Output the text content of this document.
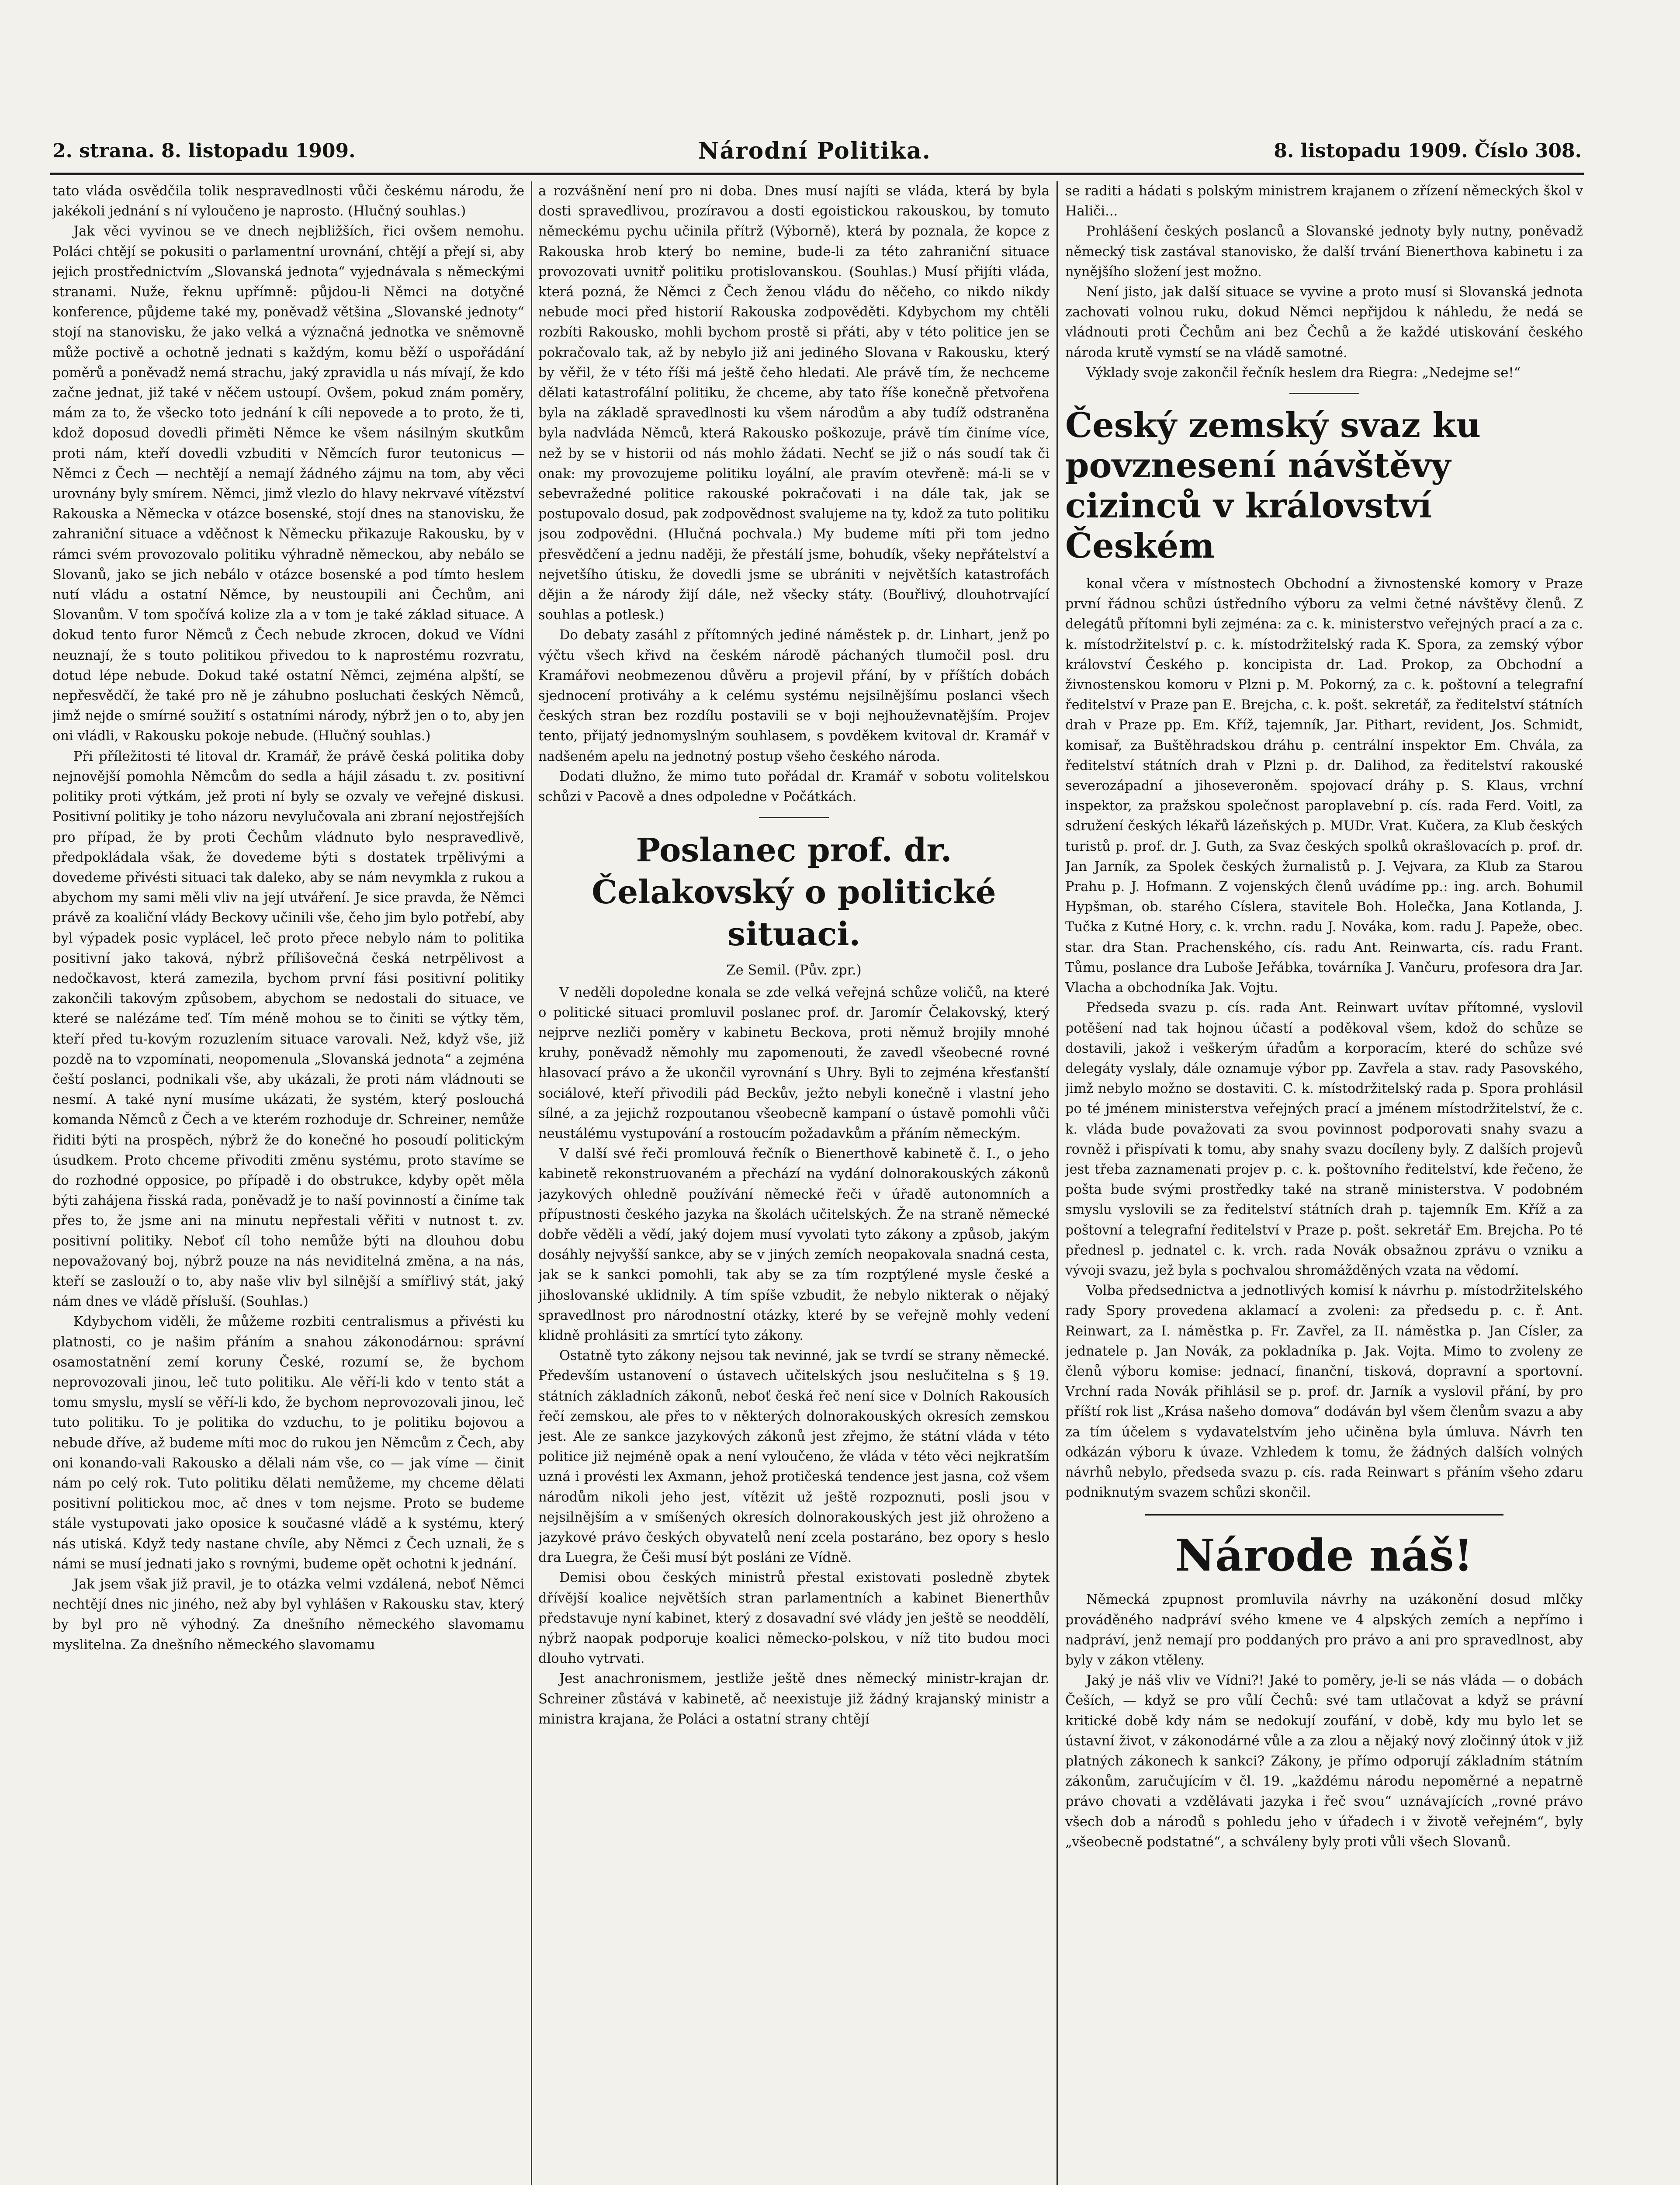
2. strana. 8. listopadu 1909.	Národní Politika.	8. listopadu 1909. Číslo 308.

tato vláda osvědčila tolik nespravedlnosti vůči českému národu, že jakékoli jednání s ní vyloučeno je naprosto. (Hlučný souhlas.)

Jak věci vyvinou se ve dnech nejbližších, řici ovšem nemohu. Poláci chtějí se pokusiti o parlamentní urovnání, chtějí a přejí si, aby jejich prostřednictvím „Slovanská jednota“ vyjednávala s německými stranami. Nuže, řeknu upřímně: půjdou-li Němci na dotyčné konference, půjdeme také my, poněvadž většina „Slovanské jednoty“ stojí na stanovisku, že jako velká a význačná jednotka ve sněmovně může poctivě a ochotně jednati s každým, komu běží o uspořádání poměrů a poněvadž nemá strachu, jaký zpravidla u nás mívají, že kdo začne jednat, již také v něčem ustoupí. Ovšem, pokud znám poměry, mám za to, že všecko toto jednání k cíli nepovede a to proto, že ti, kdož doposud dovedli přiměti Němce ke všem násilným skutkům proti nám, kteří dovedli vzbuditi v Němcích furor teutonicus — Němci z Čech — nechtějí a nemají žádného zájmu na tom, aby věci urovnány byly smírem. Němci, jimž vlezlo do hlavy nekrvavé vítězství Rakouska a Německa v otázce bosenské, stojí dnes na stanovisku, že zahraniční situace a vděčnost k Německu přikazuje Rakousku, by v rámci svém provozovalo politiku výhradně německou, aby nebálo se Slovanů, jako se jich nebálo v otázce bosenské a pod tímto heslem nutí vládu a ostatní Němce, by neustoupili ani Čechům, ani Slovanům. V tom spočívá kolize zla a v tom je také základ situace. A dokud tento furor Němců z Čech nebude zkrocen, dokud ve Vídni neuznají, že s touto politikou přivedou to k naprostému rozvratu, dotud lépe nebude. Dokud také ostatní Němci, zejména alpští, se nepřesvědčí, že také pro ně je záhubno posluchati českých Němců, jimž nejde o smírné soužití s ostatními národy, nýbrž jen o to, aby jen oni vládli, v Rakousku pokoje nebude. (Hlučný souhlas.)

Při příležitosti té litoval dr. Kramář, že právě česká politika doby nejnovější pomohla Němcům do sedla a hájil zásadu t. zv. positivní politiky proti výtkám, jež proti ní byly se ozvaly ve veřejné diskusi. Positivní politiky je toho názoru nevylučovala ani zbraní nejostřejších pro případ, že by proti Čechům vládnuto bylo nespravedlivě, předpokládala však, že dovedeme býti s dostatek trpělivými a dovedeme přivésti situaci tak daleko, aby se nám nevymkla z rukou a abychom my sami měli vliv na její utváření. Je sice pravda, že Němci právě za koaliční vlády Beckovy učinili vše, čeho jim bylo potřebí, aby byl výpadek posic vyplácel, leč proto přece nebylo nám to politika positivní jako taková, nýbrž přílišovečná česká netrpělivost a nedočkavost, která zamezila, bychom první fási positivní politiky zakončili takovým způsobem, abychom se nedostali do situace, ve které se nalézáme teď. Tím méně mohou se to činiti se výtky těm, kteří před tu-kovým rozuzlením situace varovali. Než, když vše, již pozdě na to vzpomínati, neopomenula „Slovanská jednota“ a zejména čeští poslanci, podnikali vše, aby ukázali, že proti nám vládnouti se nesmí. A také nyní musíme ukázati, že systém, který poslouchá komanda Němců z Čech a ve kterém rozhoduje dr. Schreiner, nemůže řiditi býti na prospěch, nýbrž že do konečné ho posoudí politickým úsudkem. Proto chceme přivoditi změnu systému, proto stavíme se do rozhodné opposice, po případě i do obstrukce, kdyby opět měla býti zahájena řisská rada, poněvadž je to naší povinností a činíme tak přes to, že jsme ani na minutu nepřestali věřiti v nutnost t. zv. positivní politiky. Neboť cíl toho nemůže býti na dlouhou dobu nepovažovaný boj, nýbrž pouze na nás neviditelná změna, a na nás, kteří se zaslouží o to, aby naše vliv byl silnější a smířlivý stát, jaký nám dnes ve vládě přísluší. (Souhlas.)

Kdybychom viděli, že můžeme rozbiti centralismus a přivésti ku platnosti, co je našim přáním a snahou zákonodárnou: správní osamostatnění zemí koruny České, rozumí se, že bychom neprovozovali jinou, leč tuto politiku. Ale věří-li kdo v tento stát a tomu smyslu, myslí se věří-li kdo, že bychom neprovozovali jinou, leč tuto politiku. To je politika do vzduchu, to je politiku bojovou a nebude dříve, až budeme míti moc do rukou jen Němcům z Čech, aby oni konando-vali Rakousko a dělali nám vše, co — jak víme — činit nám po celý rok. Tuto politiku dělati nemůžeme, my chceme dělati positivní politickou moc, ač dnes v tom nejsme. Proto se budeme stále vystupovati jako oposice k současné vládě a k systému, který nás utiská. Když tedy nastane chvíle, aby Němci z Čech uznali, že s námi se musí jednati jako s rovnými, budeme opět ochotni k jednání.

Jak jsem však již pravil, je to otázka velmi vzdálená, neboť Němci nechtějí dnes nic jiného, než aby byl vyhlášen v Rakousku stav, který by byl pro ně výhodný. Za dnešního německého slavomamu myslitelna. Za dnešního německého slavomamu

a rozvášnění není pro ni doba. Dnes musí najíti se vláda, která by byla dosti spravedlivou, prozíravou a dosti egoistickou rakouskou, by tomuto německému pychu učinila přítrž (Výborně), která by poznala, že kopce z Rakouska hrob který bo nemine, bude-li za této zahraniční situace provozovati uvnitř politiku protislovanskou. (Souhlas.) Musí přijíti vláda, která pozná, že Němci z Čech ženou vládu do něčeho, co nikdo nikdy nebude moci před historií Rakouska zodpověděti. Kdybychom my chtěli rozbíti Rakousko, mohli bychom prostě si přáti, aby v této politice jen se pokračovalo tak, až by nebylo již ani jediného Slovana v Rakousku, který by věřil, že v této říši má ještě čeho hledati. Ale právě tím, že nechceme dělati katastrofální politiku, že chceme, aby tato říše konečně přetvořena byla na základě spravedlnosti ku všem národům a aby tudíž odstraněna byla nadvláda Němců, která Rakousko poškozuje, právě tím činíme více, než by se v historii od nás mohlo žádati. Nechť se již o nás soudí tak či onak: my provozujeme politiku loyální, ale pravím otevřeně: má-li se v sebevražedné politice rakouské pokračovati i na dále tak, jak se postupovalo dosud, pak zodpovědnost svalujeme na ty, kdož za tuto politiku jsou zodpovědni. (Hlučná pochvala.) My budeme míti při tom jedno přesvědčení a jednu naději, že přestálí jsme, bohudík, všeky nepřátelství a nejvetšího útisku, že dovedli jsme se ubrániti v největších katastrofách dějin a že národy žijí dále, než všecky státy. (Bouřlivý, dlouhotrvající souhlas a potlesk.)

Do debaty zasáhl z přítomných jediné náměstek p. dr. Linhart, jenž po výčtu všech křivd na českém národě páchaných tlumočil posl. dru Kramářovi neobmezenou důvěru a projevil přání, by v příštích dobách sjednocení protiváhy a k celému systému nejsilnějšímu poslanci všech českých stran bez rozdílu postavili se v boji nejhouževnatějším. Projev tento, přijatý jednomyslným souhlasem, s povděkem kvitoval dr. Kramář v nadšeném apelu na jednotný postup všeho českého národa.

Dodati dlužno, že mimo tuto pořádal dr. Kramář v sobotu volitelskou schůzi v Pacově a dnes odpoledne v Počátkách.

Poslanec prof. dr. Čelakovský o politické situaci.
Ze Semil. (Pův. zpr.)

V neděli dopoledne konala se zde velká veřejná schůze voličů, na které o politické situaci promluvil poslanec prof. dr. Jaromír Čelakovský, který nejprve nezliči poměry v kabinetu Beckova, proti němuž brojily mnohé kruhy, poněvadž němohly mu zapomenouti, že zavedl všeobecné rovné hlasovací právo a že ukončil vyrovnání s Uhry. Byli to zejména křesťanští sociálové, kteří přivodili pád Beckův, ježto nebyli konečně i vlastní jeho sílné, a za jejichž rozpoutanou všeobecně kampaní o ústavě pomohli vůči neustálému vystupování a rostoucím požadavkům a přáním německým.

V další své řeči promlouvá řečník o Bienerthově kabinetě č. I., o jeho kabinetě rekonstruovaném a přechází na vydání dolnorakouských zákonů jazykových ohledně používání německé řeči v úřadě autonomních a přípustnosti českého jazyka na školách učitelských. Že na straně německé dobře věděli a vědí, jaký dojem musí vyvolati tyto zákony a způsob, jakým dosáhly nejvyšší sankce, aby se v jiných zemích neopakovala snadná cesta, jak se k sankci pomohli, tak aby se za tím rozptýlené mysle české a jihoslovanské uklidnily. A tím spíše vzbudit, že nebylo nikterak o nějaký spravedlnost pro národnostní otázky, které by se veřejně mohly vedení klidně prohlásiti za smrtící tyto zákony.

Ostatně tyto zákony nejsou tak nevinné, jak se tvrdí se strany německé. Především ustanovení o ústavech učitelských jsou neslučitelna s § 19. státních základních zákonů, neboť česká řeč není sice v Dolních Rakousích řečí zemskou, ale přes to v některých dolnorakouských okresích zemskou jest. Ale ze sankce jazykových zákonů jest zřejmo, že státní vláda v této politice již nejméně opak a není vyloučeno, že vláda v této věci nejkratším uzná i provésti lex Axmann, jehož protičeská tendence jest jasna, což všem národům nikoli jeho jest, vítězit už ještě rozpoznuti, posli jsou v nejsilnějším a v smíšených okresích dolnorakouských jest již ohroženo a jazykové právo českých obyvatelů není zcela postaráno, bez opory s heslo dra Luegra, že Češi musí být posláni ze Vídně.

Demisi obou českých ministrů přestal existovati posledně zbytek dřívější koalice největších stran parlamentních a kabinet Bienerthův představuje nyní kabinet, který z dosavadní své vlády jen ještě se neoddělí, nýbrž naopak podporuje koalici německo-polskou, v níž tito budou moci dlouho vytrvati.

Jest anachronismem, jestliže ještě dnes německý ministr-krajan dr. Schreiner zůstává v kabinetě, ač neexistuje již žádný krajanský ministr a ministra krajana, že Poláci a ostatní strany chtějí

se raditi a hádati s polským ministrem krajanem o zřízení německých škol v Haliči...

Prohlášení českých poslanců a Slovanské jednoty byly nutny, poněvadž německý tisk zastával stanovisko, že další trvání Bienerthova kabinetu i za nynějšího složení jest možno.

Není jisto, jak další situace se vyvine a proto musí si Slovanská jednota zachovati volnou ruku, dokud Němci nepřijdou k náhledu, že nedá se vládnouti proti Čechům ani bez Čechů a že každé utiskování českého národa krutě vymstí se na vládě samotné.

Výklady svoje zakončil řečník heslem dra Riegra: „Nedejme se!“

Český zemský svaz ku povznesení návštěvy cizinců v království Českém

konal včera v místnostech Obchodní a živnostenské komory v Praze první řádnou schůzi ústředního výboru za velmi četné návštěvy členů. Z delegátů přítomni byli zejména: za c. k. ministerstvo veřejných prací a za c. k. místodržitelství p. c. k. místodržitelský rada K. Spora, za zemský výbor království Českého p. koncipista dr. Lad. Prokop, za Obchodní a živnostenskou komoru v Plzni p. M. Pokorný, za c. k. poštovní a telegrafní ředitelství v Praze pan E. Brejcha, c. k. pošt. sekretář, za ředitelství státních drah v Praze pp. Em. Kříž, tajemník, Jar. Pithart, revident, Jos. Schmidt, komisař, za Buštěhradskou dráhu p. centrální inspektor Em. Chvála, za ředitelství státních drah v Plzni p. dr. Dalihod, za ředitelství rakouské severozápadní a jihoseveroněm. spojovací dráhy p. S. Klaus, vrchní inspektor, za pražskou společnost paroplavební p. cís. rada Ferd. Voitl, za sdružení českých lékařů lázeňských p. MUDr. Vrat. Kučera, za Klub českých turistů p. prof. dr. J. Guth, za Svaz českých spolků okrašlovacích p. prof. dr. Jan Jarník, za Spolek českých žurnalistů p. J. Vejvara, za Klub za Starou Prahu p. J. Hofmann. Z vojenských členů uvádíme pp.: ing. arch. Bohumil Hypšman, ob. starého Císlera, stavitele Boh. Holečka, Jana Kotlanda, J. Tučka z Kutné Hory, c. k. vrchn. radu J. Nováka, kom. radu J. Papeže, obec. star. dra Stan. Prachenského, cís. radu Ant. Reinwarta, cís. radu Frant. Tůmu, poslance dra Luboše Jeřábka, továrníka J. Vančuru, profesora dra Jar. Vlacha a obchodníka Jak. Vojtu.

Předseda svazu p. cís. rada Ant. Reinwart uvítav přítomné, vyslovil potěšení nad tak hojnou účastí a poděkoval všem, kdož do schůze se dostavili, jakož i veškerým úřadům a korporacím, které do schůze své delegáty vyslaly, dále oznamuje výbor pp. Zavřela a stav. rady Pasovského, jimž nebylo možno se dostaviti. C. k. místodržitelský rada p. Spora prohlásil po té jménem ministerstva veřejných prací a jménem místodržitelství, že c. k. vláda bude považovati za svou povinnost podporovati snahy svazu a rovněž i přispívati k tomu, aby snahy svazu docíleny byly. Z dalších projevů jest třeba zaznamenati projev p. c. k. poštovního ředitelství, kde řečeno, že pošta bude svými prostředky také na straně ministerstva. V podobném smyslu vyslovili se za ředitelství státních drah p. tajemník Em. Kříž a za poštovní a telegrafní ředitelství v Praze p. pošt. sekretář Em. Brejcha. Po té přednesl p. jednatel c. k. vrch. rada Novák obsažnou zprávu o vzniku a vývoji svazu, jež byla s pochvalou shromážděných vzata na vědomí.

Volba předsednictva a jednotlivých komisí k návrhu p. místodržitelského rady Spory provedena aklamací a zvoleni: za předsedu p. c. ř. Ant. Reinwart, za I. náměstka p. Fr. Zavřel, za II. náměstka p. Jan Císler, za jednatele p. Jan Novák, za pokladníka p. Jak. Vojta. Mimo to zvoleny ze členů výboru komise: jednací, finanční, tisková, dopravní a sportovní. Vrchní rada Novák přihlásil se p. prof. dr. Jarník a vyslovil přání, by pro příští rok list „Krása našeho domova“ dodáván byl všem členům svazu a aby za tím účelem s vydavatelstvím jeho učiněna byla úmluva. Návrh ten odkázán výboru k úvaze. Vzhledem k tomu, že žádných dalších volných návrhů nebylo, předseda svazu p. cís. rada Reinwart s přáním všeho zdaru podniknutým svazem schůzi skončil.

Národe náš!

Německá zpupnost promluvila návrhy na uzákonění dosud mlčky prováděného nadpráví svého kmene ve 4 alpských zemích a nepřímo i nadpráví, jenž nemají pro poddaných pro právo a ani pro spravedlnost, aby byly v zákon vtěleny.

Jaký je náš vliv ve Vídni?! Jaké to poměry, je-li se nás vláda — o dobách Češích, — když se pro vůlí Čechů: své tam utlačovat a když se právní kritické době kdy nám se nedokují zoufání, v době, kdy mu bylo let se ústavní život, v zákonodárné vůle a za zlou a nějaký nový zločinný útok v již platných zákonech k sankci? Zákony, je přímo odporují základním státním zákonům, zaručujícím v čl. 19. „každému národu nepoměrné a nepatrně právo chovati a vzdělávati jazyka i řeč svou“ uznávajících „rovné právo všech dob a národů s pohledu jeho v úřadech i v životě veřejném“, byly „všeobecně podstatné“, a schváleny byly proti vůli všech Slovanů.
